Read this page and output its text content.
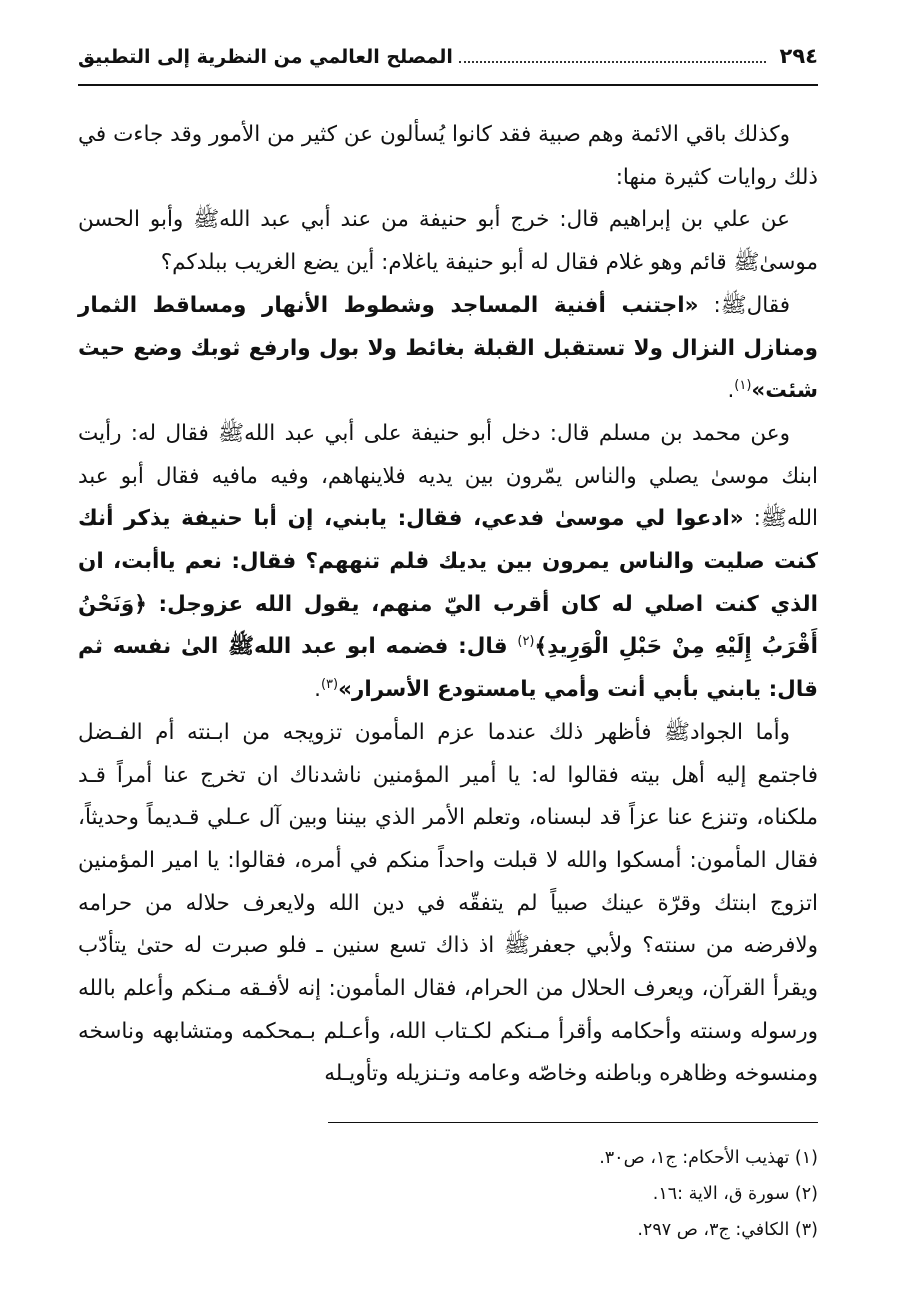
٢٩٤
المصلح العالمي من النظرية إلى التطبيق

وكذلك باقي الائمة وهم صبية فقد كانوا يُسألون عن كثير من الأمور وقد جاءت في ذلك روايات كثيرة منها:

عن علي بن إبراهيم قال: خرج أبو حنيفة من عند أبي عبد اللهﷺ وأبو الحسن موسىٰﷺ قائم وهو غلام فقال له أبو حنيفة ياغلام: أين يضع الغريب ببلدكم؟

فقالﷺ: «اجتنب أفنية المساجد وشطوط الأنهار ومساقط الثمار ومنازل النزال ولا تستقبل القبلة بغائط ولا بول وارفع ثوبك وضع حيث شئت»$^{(١)}$.

وعن محمد بن مسلم قال: دخل أبو حنيفة على أبي عبد اللهﷺ فقال له: رأيت ابنك موسىٰ يصلي والناس يمّرون بين يديه فلاينهاهم، وفيه مافيه فقال أبو عبد اللهﷺ: «ادعوا لي موسىٰ فدعي، فقال: يابني، إن أبا حنيفة يذكر أنك كنت صليت والناس يمرون بين يديك فلم تنههم؟ فقال: نعم ياأبت، ان الذي كنت اصلي له كان أقرب اليّ منهم، يقول الله عزوجل: ﴿وَنَحْنُ أَقْرَبُ إِلَيْهِ مِنْ حَبْلِ الْوَرِيدِ﴾$^{(٢)}$ قال: فضمه ابو عبد اللهﷺ الىٰ نفسه ثم قال: يابني بأبي أنت وأمي يامستودع الأسرار»$^{(٣)}$.

وأما الجوادﷺ فأظهر ذلك عندما عزم المأمون تزويجه من ابـنته أم الفـضل فاجتمع إليه أهل بيته فقالوا له: يا أمير المؤمنين ناشدناك ان تخرج عنا أمراً قـد ملكناه، وتنزع عنا عزاً قد لبسناه، وتعلم الأمر الذي بيننا وبين آل عـلي قـديماً وحديثاً، فقال المأمون: أمسكوا والله لا قبلت واحداً منكم في أمره، فقالوا: يا امير المؤمنين اتزوج ابنتك وقرّة عينك صبياً لم يتفقّه في دين الله ولايعرف حلاله من حرامه ولافرضه من سنته؟ ولأبي جعفرﷺ اذ ذاك تسع سنين ـ فلو صبرت له حتىٰ يتأدّب ويقرأ القرآن، ويعرف الحلال من الحرام، فقال المأمون: إنه لأفـقه مـنكم وأعلم بالله ورسوله وسنته وأحكامه وأقرأ مـنكم لكـتاب الله، وأعـلم بـمحكمه ومتشابهه وناسخه ومنسوخه وظاهره وباطنه وخاصّه وعامه وتـنزيله وتأويـله

(١) تهذيب الأحكام: ج١، ص٣٠.

(٢) سورة ق، الاية :١٦.

(٣) الكافي: ج٣، ص ٢٩٧.
